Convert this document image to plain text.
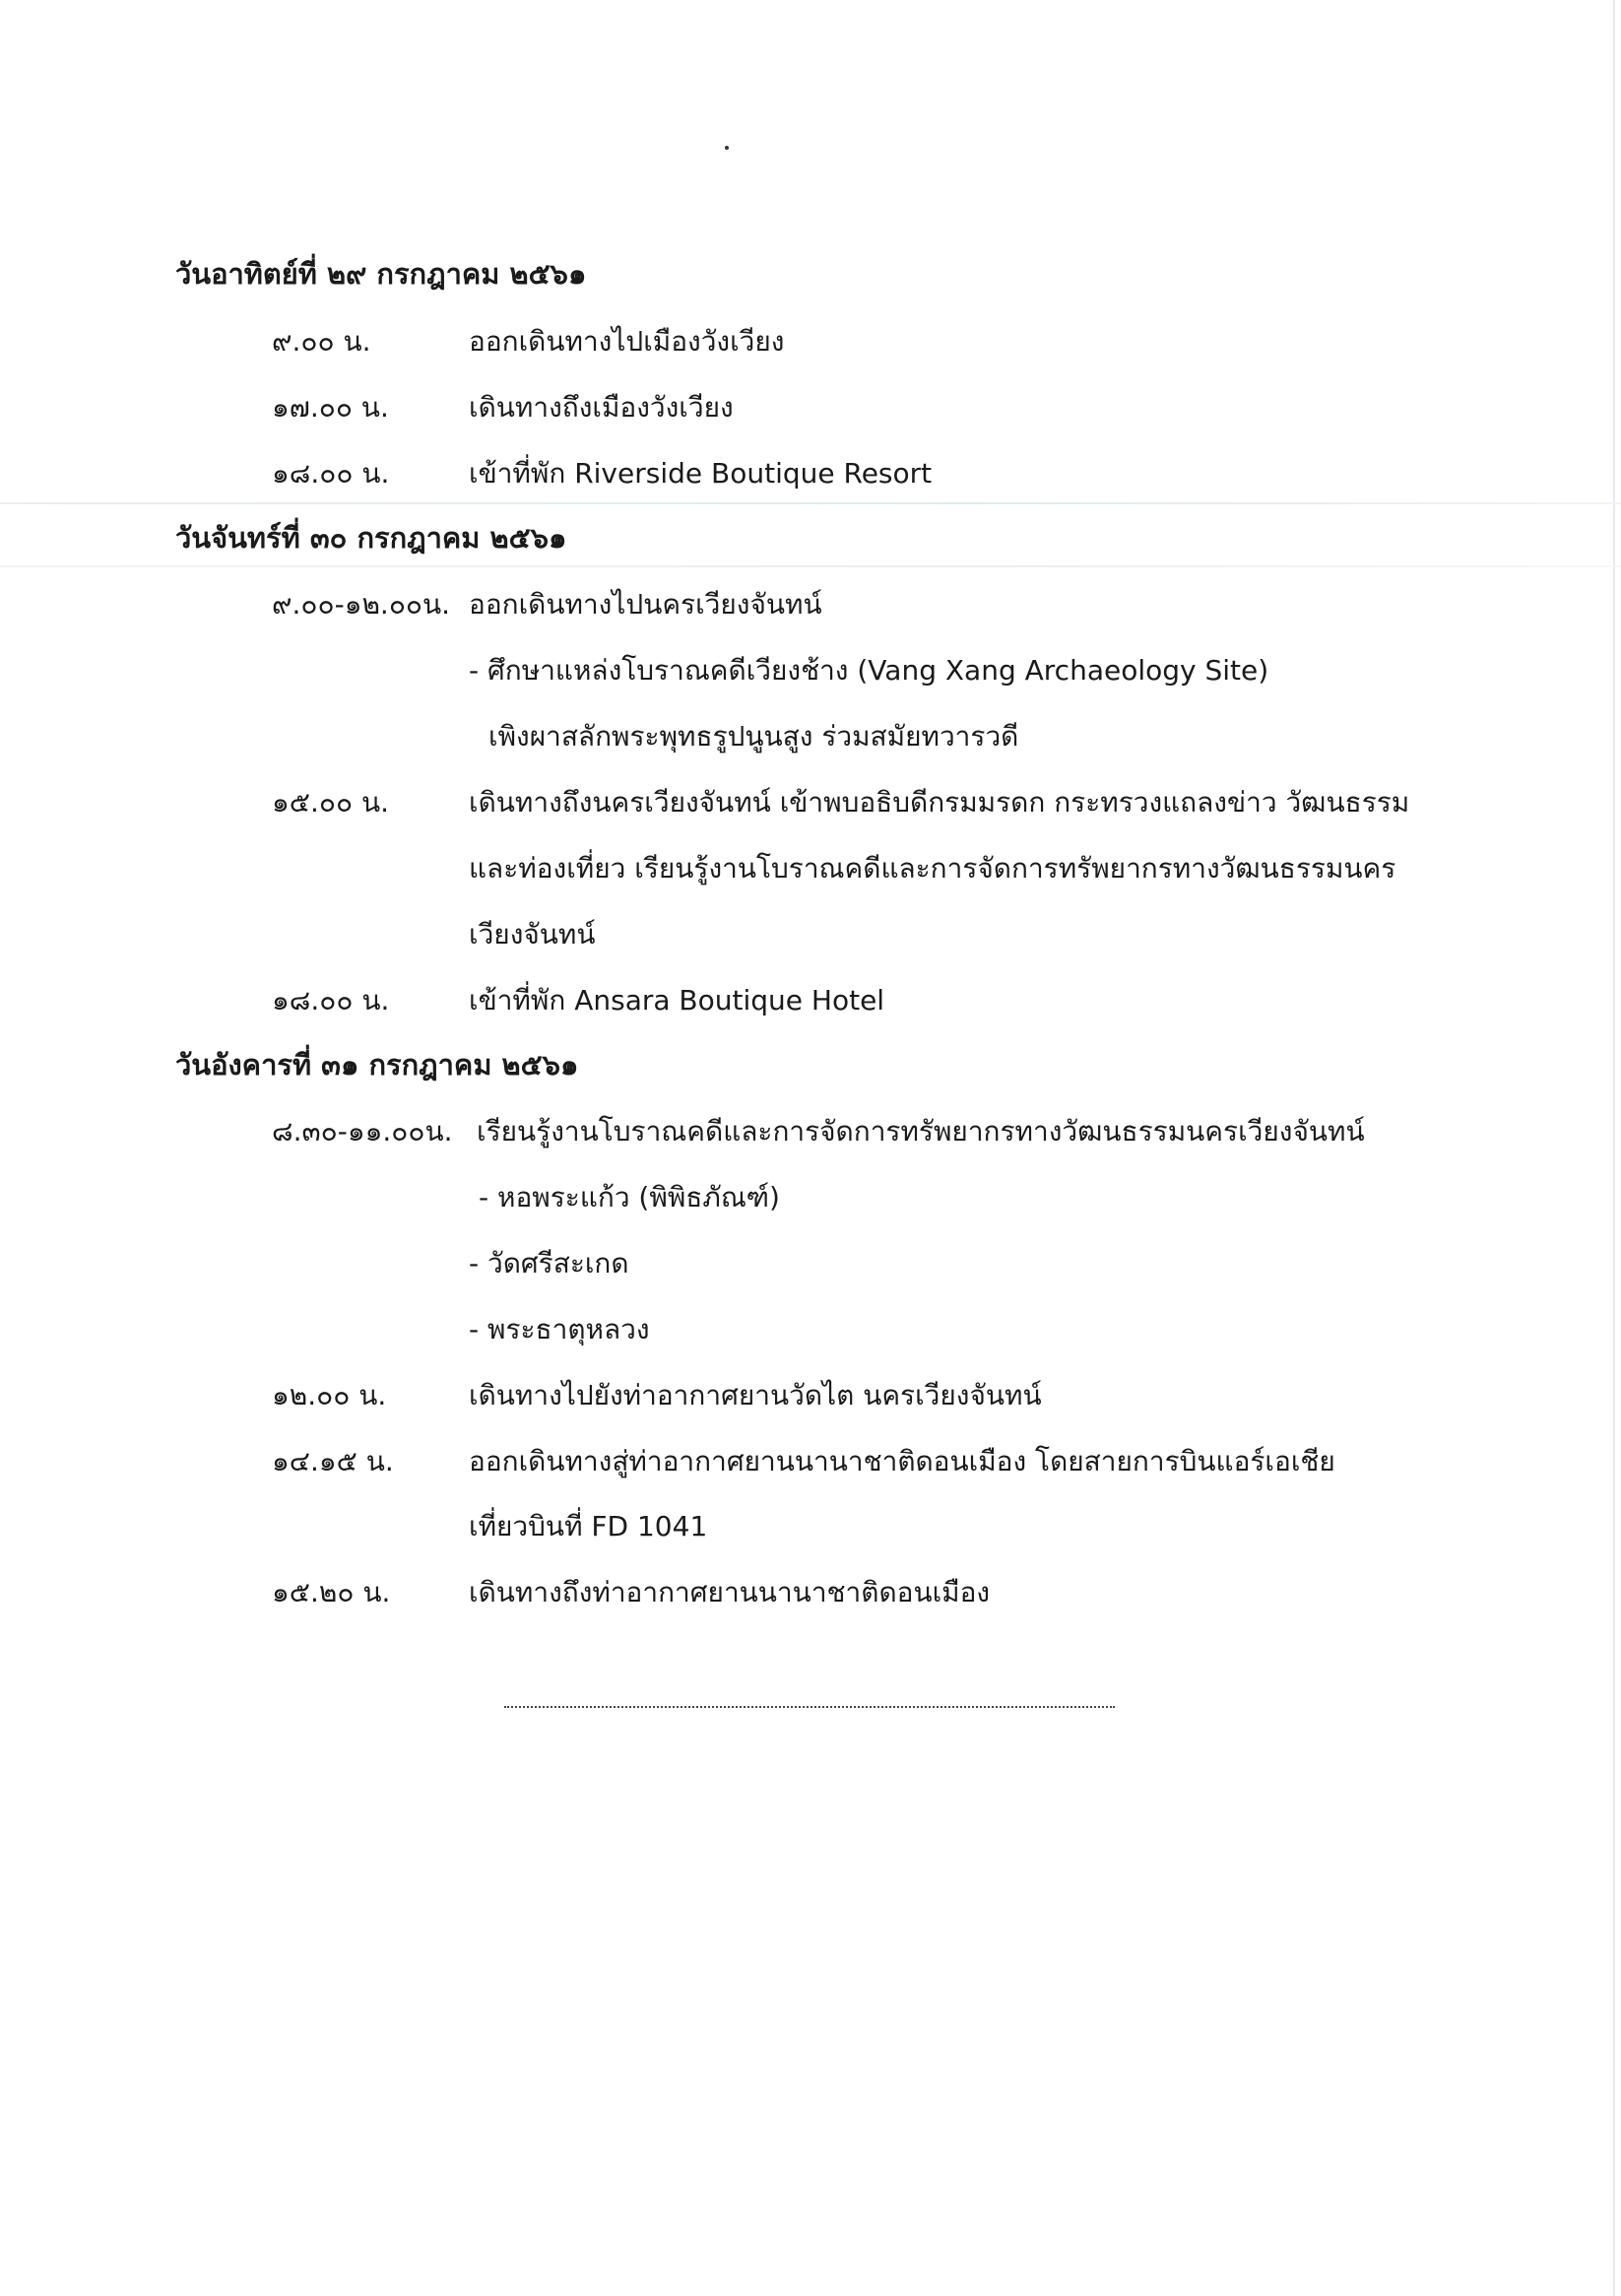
วันอาทิตย์ที่ ๒๙ กรกฎาคม ๒๕๖๑
๙.๐๐ น.	ออกเดินทางไปเมืองวังเวียง
๑๗.๐๐ น.	เดินทางถึงเมืองวังเวียง
๑๘.๐๐ น.	เข้าที่พัก Riverside Boutique Resort
วันจันทร์ที่ ๓๐ กรกฎาคม ๒๕๖๑
๙.๐๐-๑๒.๐๐น. ออกเดินทางไปนครเวียงจันทน์
- ศึกษาแหล่งโบราณคดีเวียงช้าง (Vang Xang Archaeology Site)
เพิงผาสลักพระพุทธรูปนูนสูง ร่วมสมัยทวารวดี
๑๕.๐๐ น.	เดินทางถึงนครเวียงจันทน์ เข้าพบอธิบดีกรมมรดก กระทรวงแถลงข่าว วัฒนธรรม
และท่องเที่ยว เรียนรู้งานโบราณคดีและการจัดการทรัพยากรทางวัฒนธรรมนคร
เวียงจันทน์
๑๘.๐๐ น.	เข้าที่พัก Ansara Boutique Hotel
วันอังคารที่ ๓๑ กรกฎาคม ๒๕๖๑
๘.๓๐-๑๑.๐๐น. เรียนรู้งานโบราณคดีและการจัดการทรัพยากรทางวัฒนธรรมนครเวียงจันทน์
- หอพระแก้ว (พิพิธภัณฑ์)
- วัดศรีสะเกด
- พระธาตุหลวง
๑๒.๐๐ น.	เดินทางไปยังท่าอากาศยานวัดไต นครเวียงจันทน์
๑๔.๑๕ น.	ออกเดินทางสู่ท่าอากาศยานนานาชาติดอนเมือง โดยสายการบินแอร์เอเชีย
เที่ยวบินที่ FD 1041
๑๕.๒๐ น.	เดินทางถึงท่าอากาศยานนานาชาติดอนเมือง
